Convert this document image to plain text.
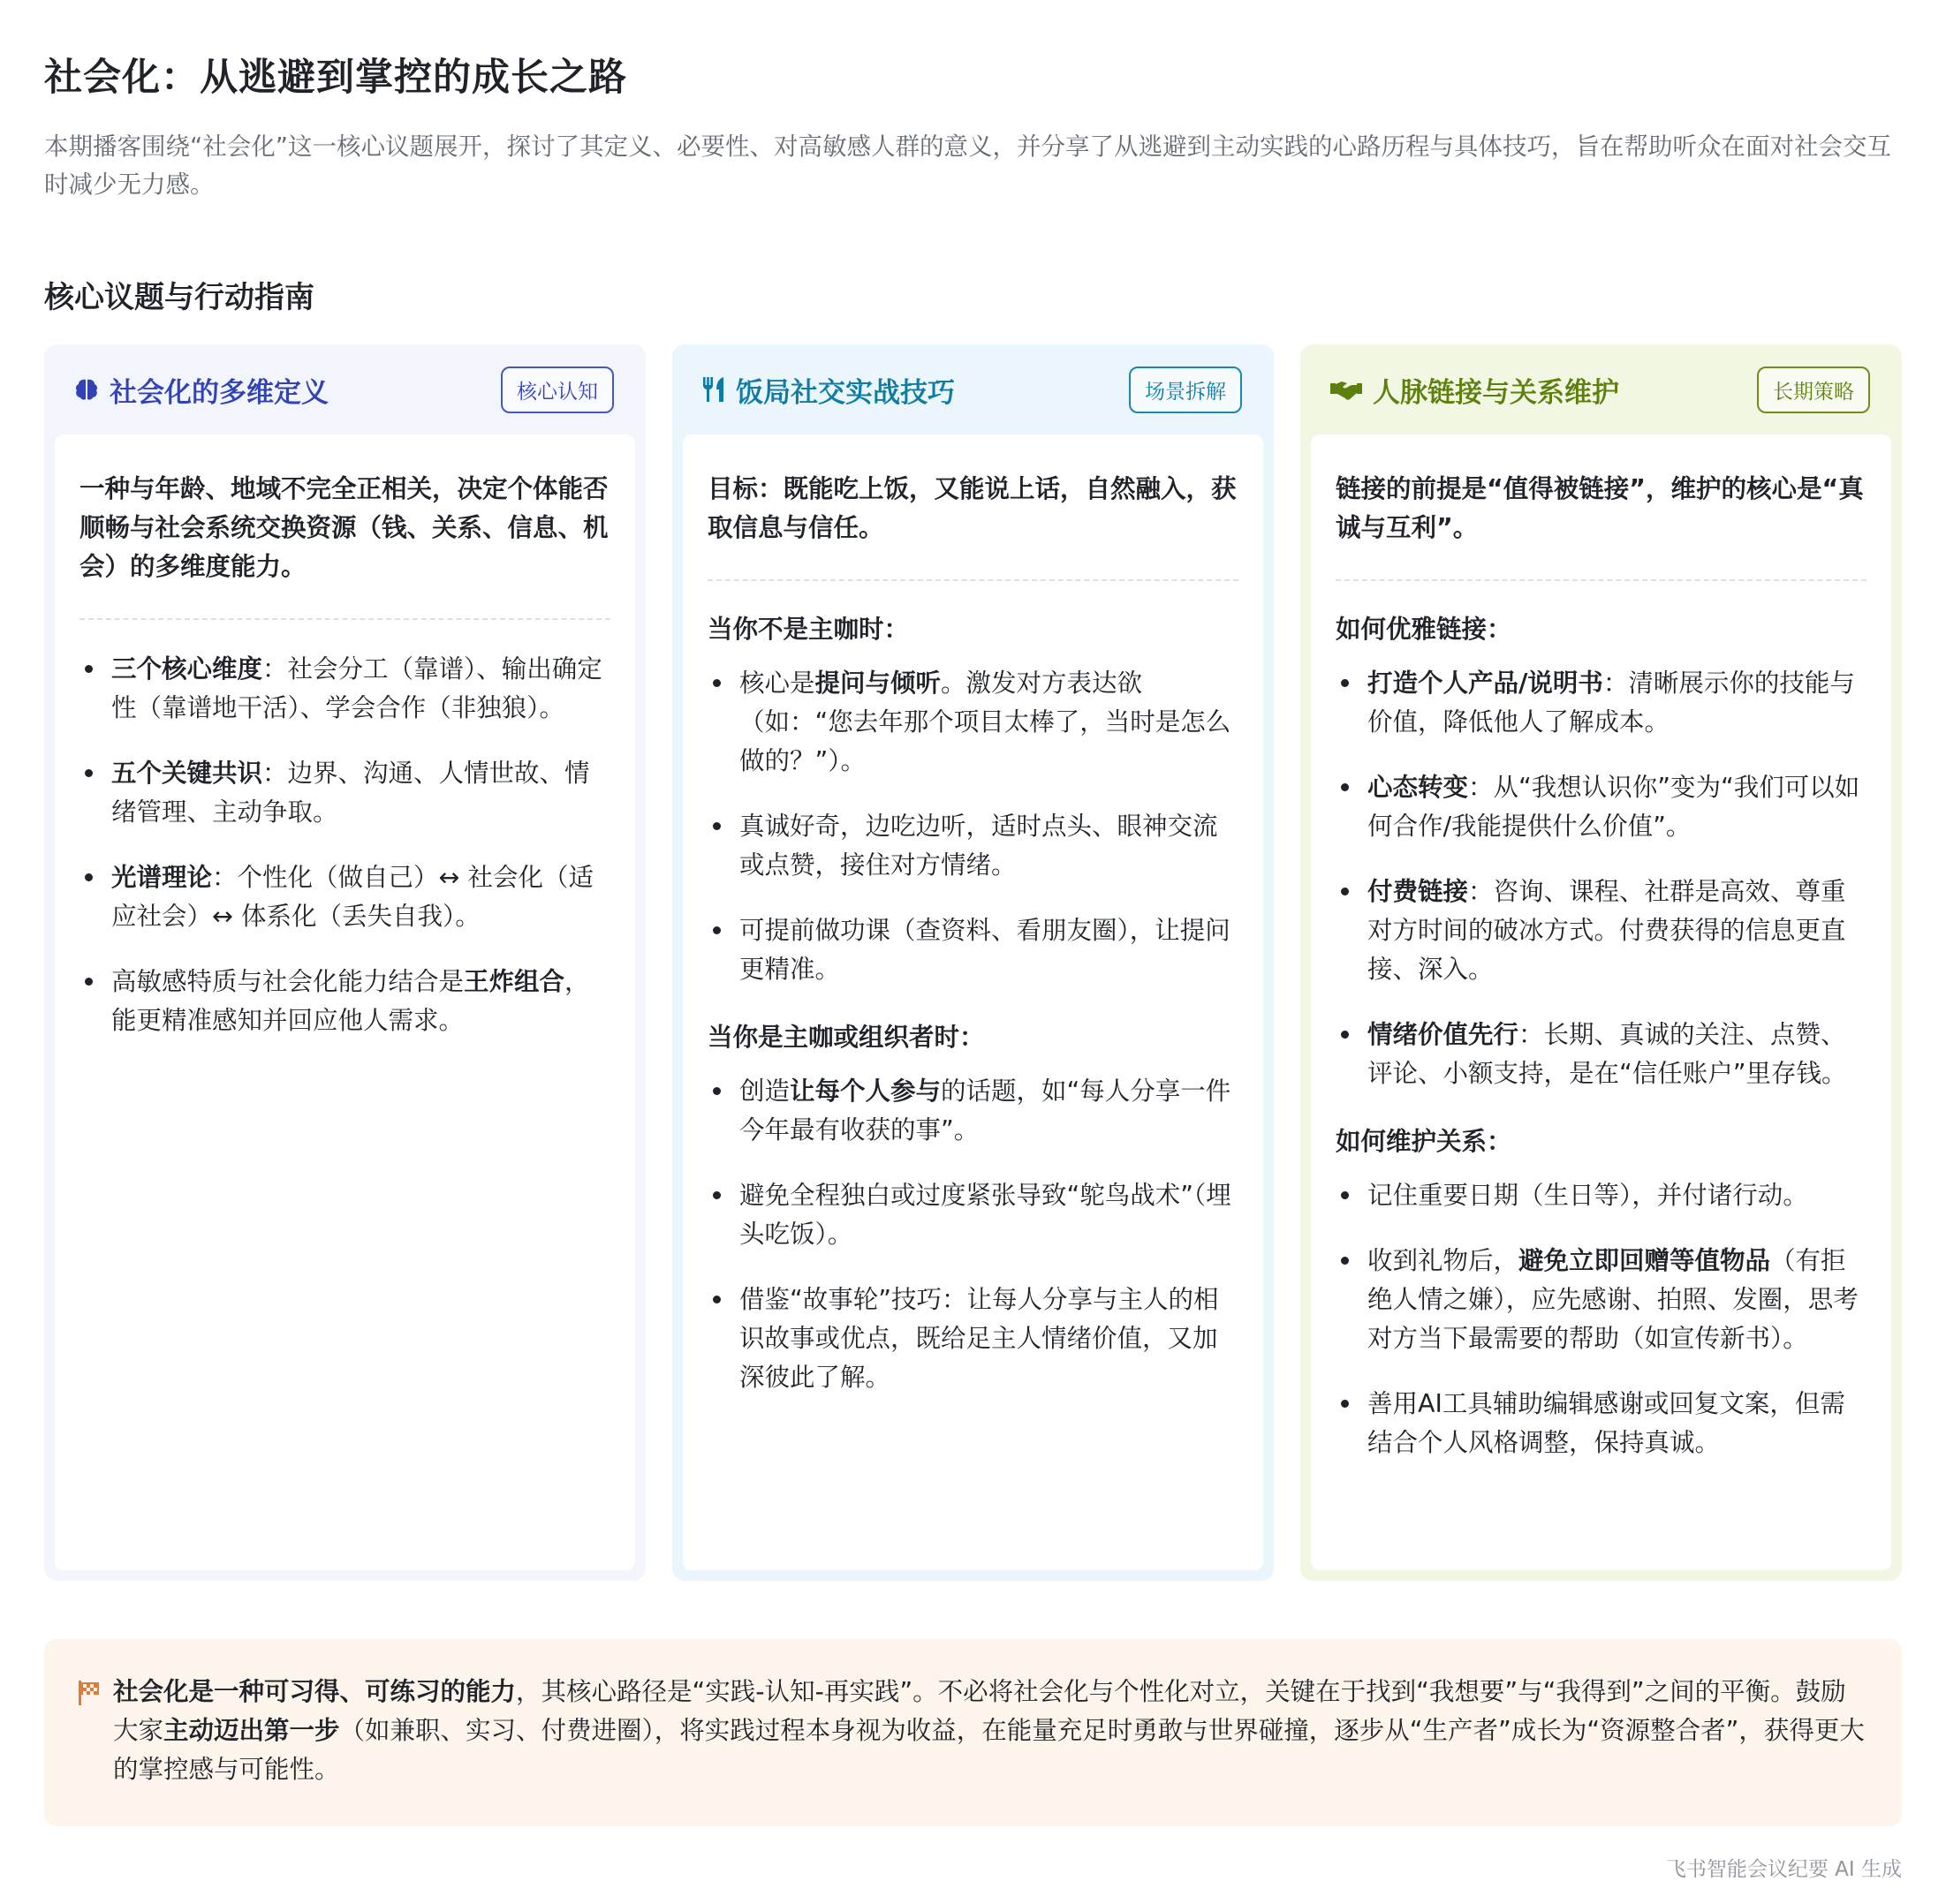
社会化：从逃避到掌控的成长之路
本期播客围绕“社会化”这一核心议题展开，探讨了其定义、必要性、对高敏感人群的意义，并分享了从逃避到主动实践的心路历程与具体技巧，旨在帮助听众在面对社会交互时减少无力感。
核心议题与行动指南
社会化的多维定义	核心认知
一种与年龄、地域不完全正相关，决定个体能否顺畅与社会系统交换资源（钱、关系、信息、机会）的多维度能力。
三个核心维度：社会分工（靠谱）、输出确定性（靠谱地干活）、学会合作（非独狼）。
五个关键共识：边界、沟通、人情世故、情绪管理、主动争取。
光谱理论：个性化（做自己）↔ 社会化（适应社会）↔ 体系化（丢失自我）。
高敏感特质与社会化能力结合是王炸组合，能更精准感知并回应他人需求。
饭局社交实战技巧	场景拆解
目标：既能吃上饭，又能说上话，自然融入，获取信息与信任。
当你不是主咖时：
核心是提问与倾听。激发对方表达欲（如：“您去年那个项目太棒了，当时是怎么做的？”）。
真诚好奇，边吃边听，适时点头、眼神交流或点赞，接住对方情绪。
可提前做功课（查资料、看朋友圈），让提问更精准。
当你是主咖或组织者时：
创造让每个人参与的话题，如“每人分享一件今年最有收获的事”。
避免全程独白或过度紧张导致“鸵鸟战术”（埋头吃饭）。
借鉴“故事轮”技巧：让每人分享与主人的相识故事或优点，既给足主人情绪价值，又加深彼此了解。
人脉链接与关系维护	长期策略
链接的前提是“值得被链接”，维护的核心是“真诚与互利”。
如何优雅链接：
打造个人产品/说明书：清晰展示你的技能与价值，降低他人了解成本。
心态转变：从“我想认识你”变为“我们可以如何合作/我能提供什么价值”。
付费链接：咨询、课程、社群是高效、尊重对方时间的破冰方式。付费获得的信息更直接、深入。
情绪价值先行：长期、真诚的关注、点赞、评论、小额支持，是在“信任账户”里存钱。
如何维护关系：
记住重要日期（生日等），并付诸行动。
收到礼物后，避免立即回赠等值物品（有拒绝人情之嫌），应先感谢、拍照、发圈，思考对方当下最需要的帮助（如宣传新书）。
善用AI工具辅助编辑感谢或回复文案，但需结合个人风格调整，保持真诚。
社会化是一种可习得、可练习的能力，其核心路径是“实践-认知-再实践”。不必将社会化与个性化对立，关键在于找到“我想要”与“我得到”之间的平衡。鼓励大家主动迈出第一步（如兼职、实习、付费进圈），将实践过程本身视为收益，在能量充足时勇敢与世界碰撞，逐步从“生产者”成长为“资源整合者”，获得更大的掌控感与可能性。
飞书智能会议纪要 AI 生成
